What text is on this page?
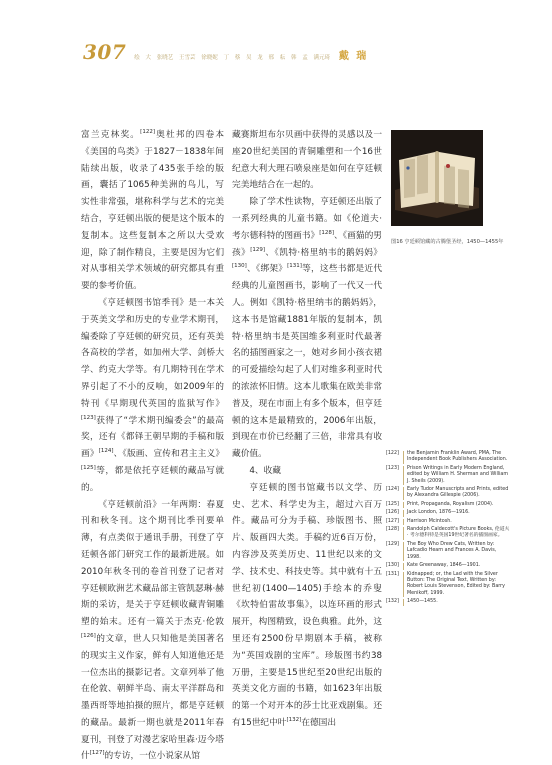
307 绘 大 张晓艺 王雪芸 徐晓妮 丁 蔡 吴 龙 邢 耘 韩 孟 满元琦 戴 瑞

富兰克林奖。[122]奥杜邦的四卷本《美国的鸟类》于1827－1838年间陆续出版，收录了435张手绘的版画，囊括了1065种美洲的鸟儿，写实性非常强，堪称科学与艺术的完美结合，亨廷顿出版的便是这个版本的复制本。这些复制本之所以大受欢迎，除了制作精良，主要是因为它们对从事相关学术领域的研究都具有重要的参考价值。

《亨廷顿图书馆季刊》是一本关于英美文学和历史的专业学术期刊，编委除了亨廷顿的研究员，还有英美各高校的学者，如加州大学、剑桥大学、约克大学等。有几期特刊在学术界引起了不小的反响，如2009年的特刊《早期现代英国的监狱写作》[123]获得了“学术期刊编委会”的最高奖，还有《都铎王朝早期的手稿和版画》[124]、《版画、宣传和君主主义》[125]等，都是依托亨廷顿的藏品写就的。

《亨廷顿前沿》一年两期：春夏刊和秋冬刊。这个期刊比季刊要单薄，有点类似于通讯手册，刊登了亨廷顿各部门研究工作的最新进展。如2010年秋冬刊的卷首刊登了记者对亨廷顿欧洲艺术藏品部主管凯瑟琳·赫斯的采访，是关于亨廷顿收藏青铜雕塑的始末。还有一篇关于杰克·伦敦[126]的文章，世人只知他是美国著名的现实主义作家，鲜有人知道他还是一位杰出的摄影记者。文章列举了他在伦敦、朝鲜半岛、南太平洋群岛和墨西哥等地拍摄的照片，都是亨廷顿的藏品。最新一期也就是2011年春夏刊，刊登了对漫艺家哈里森·迈今塔什[127]的专访，一位小说家从馆

藏赛斯坦布尔贝画中获得的灵感以及一座20世纪美国的青铜雕塑和一个16世纪意大利大理石喷泉座是如何在亨廷顿完美地结合在一起的。

除了学术性读物，亨廷顿还出版了一系列经典的儿童书籍。如《伦道夫·考尔德科特的图画书》[128]、《画猫的男孩》[129]、《凯特·格里纳韦的鹅妈妈》[130]、《绑架》[131]等，这些书都是近代经典的儿童图画书，影响了一代又一代人。例如《凯特·格里纳韦的鹅妈妈》，这本书是馆藏1881年版的复制本，凯特·格里纳韦是英国维多利亚时代最著名的插图画家之一，她对乡间小孩衣裙的可爱描绘勾起了人们对维多利亚时代的浓浓怀旧情。这本儿歌集在欧美非常普及，现在市面上有多个版本，但亨廷顿的这本是最精致的，2006年出版，到现在市价已经翻了三倍，非常具有收藏价值。

4、收藏

亨廷顿的图书馆藏书以文学、历史、艺术、科学史为主，超过六百万件。藏品可分为手稿、珍版图书、照片、版画四大类。手稿约近6百万份，内容涉及英美历史、11世纪以来的文学、技术史、科技史等。其中就有十五世纪初(1400—1405)手绘本的乔叟《坎特伯雷故事集》，以连环画的形式展开，构图精致，设色典雅。此外，这里还有2500份早期剧本手稿，被称为“英国戏剧的宝库”。珍版图书约38万册，主要是15世纪至20世纪出版的英美文化方面的书籍，如1623年出版的第一个对开本的莎士比亚戏剧集。还有15世纪中叶[132]在德国出

图16 亨廷顿馆藏的古腾堡圣经，1450—1455年
[122]	the Benjamin Franklin Award, PMA, The Independent Book Publishers Association.
[123]	Prison Writings in Early Modern England, edited by William H. Sherman and William J. Sheils (2009).
[124]	Early Tudor Manuscripts and Prints, edited by Alexandra Gillespie (2006).
[125]	Print, Propaganda, Royalism (2004).
[126]	Jack London, 1876—1916.
[127]	Harrison Mcintosh.
[128]	Randolph Caldecott's Picture Books, 伦道夫 · 考尔德科特是英国19世纪著名的插图画家。
[129]	The Boy Who Drew Cats, Written by: Lafcadio Hearn and Frances A. Davis, 1998.
[130]	Kate Greenaway, 1846—1901.
[131]	Kidnapped; or, the Lad with the Silver Button: The Original Text, Written by: Robert Louis Stevenson, Edited by: Barry Menikoff, 1999.
[132]	1450—1455.
